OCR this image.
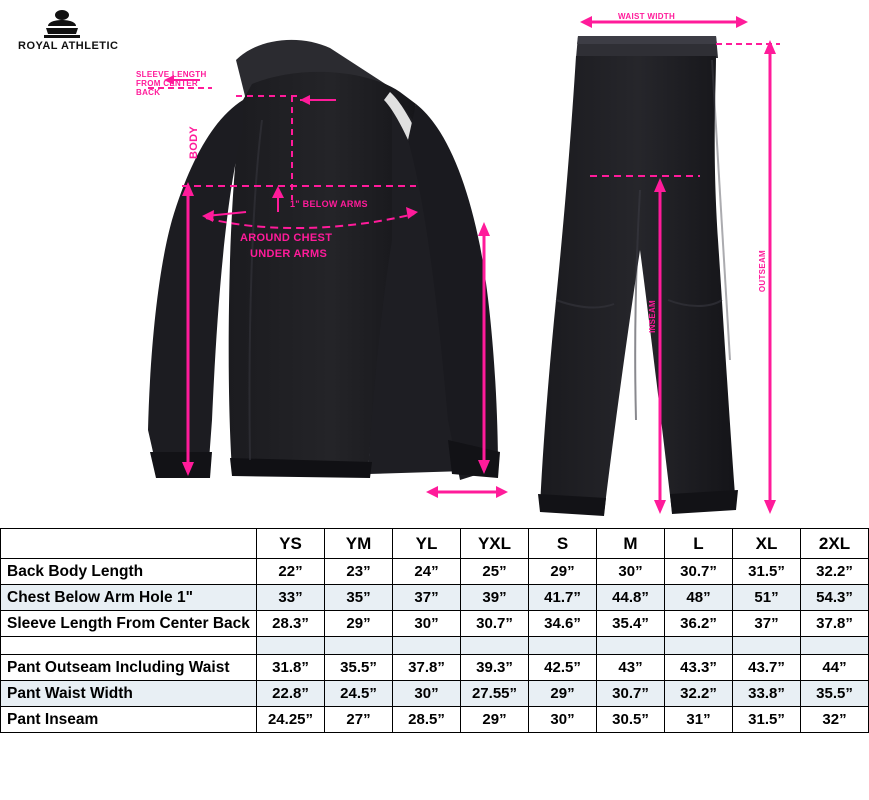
ROYAL ATHLETIC
SLEEVE LENGTH FROM CENTER BACK
BODY
1" BELOW ARMS
AROUND CHEST
UNDER ARMS
WAIST WIDTH
OUTSEAM
INSEAM
	YS	YM	YL	YXL	S	M	L	XL	2XL
Back Body Length	22”	23”	24”	25”	29”	30”	30.7”	31.5”	32.2”
Chest Below Arm Hole 1"	33”	35”	37”	39”	41.7”	44.8”	48”	51”	54.3”
Sleeve Length From Center Back	28.3”	29”	30”	30.7”	34.6”	35.4”	36.2”	37”	37.8”

Pant Outseam Including Waist	31.8”	35.5”	37.8”	39.3”	42.5”	43”	43.3”	43.7”	44”
Pant Waist Width	22.8”	24.5”	30”	27.55”	29”	30.7”	32.2”	33.8”	35.5”
Pant Inseam	24.25”	27”	28.5”	29”	30”	30.5”	31”	31.5”	32”
